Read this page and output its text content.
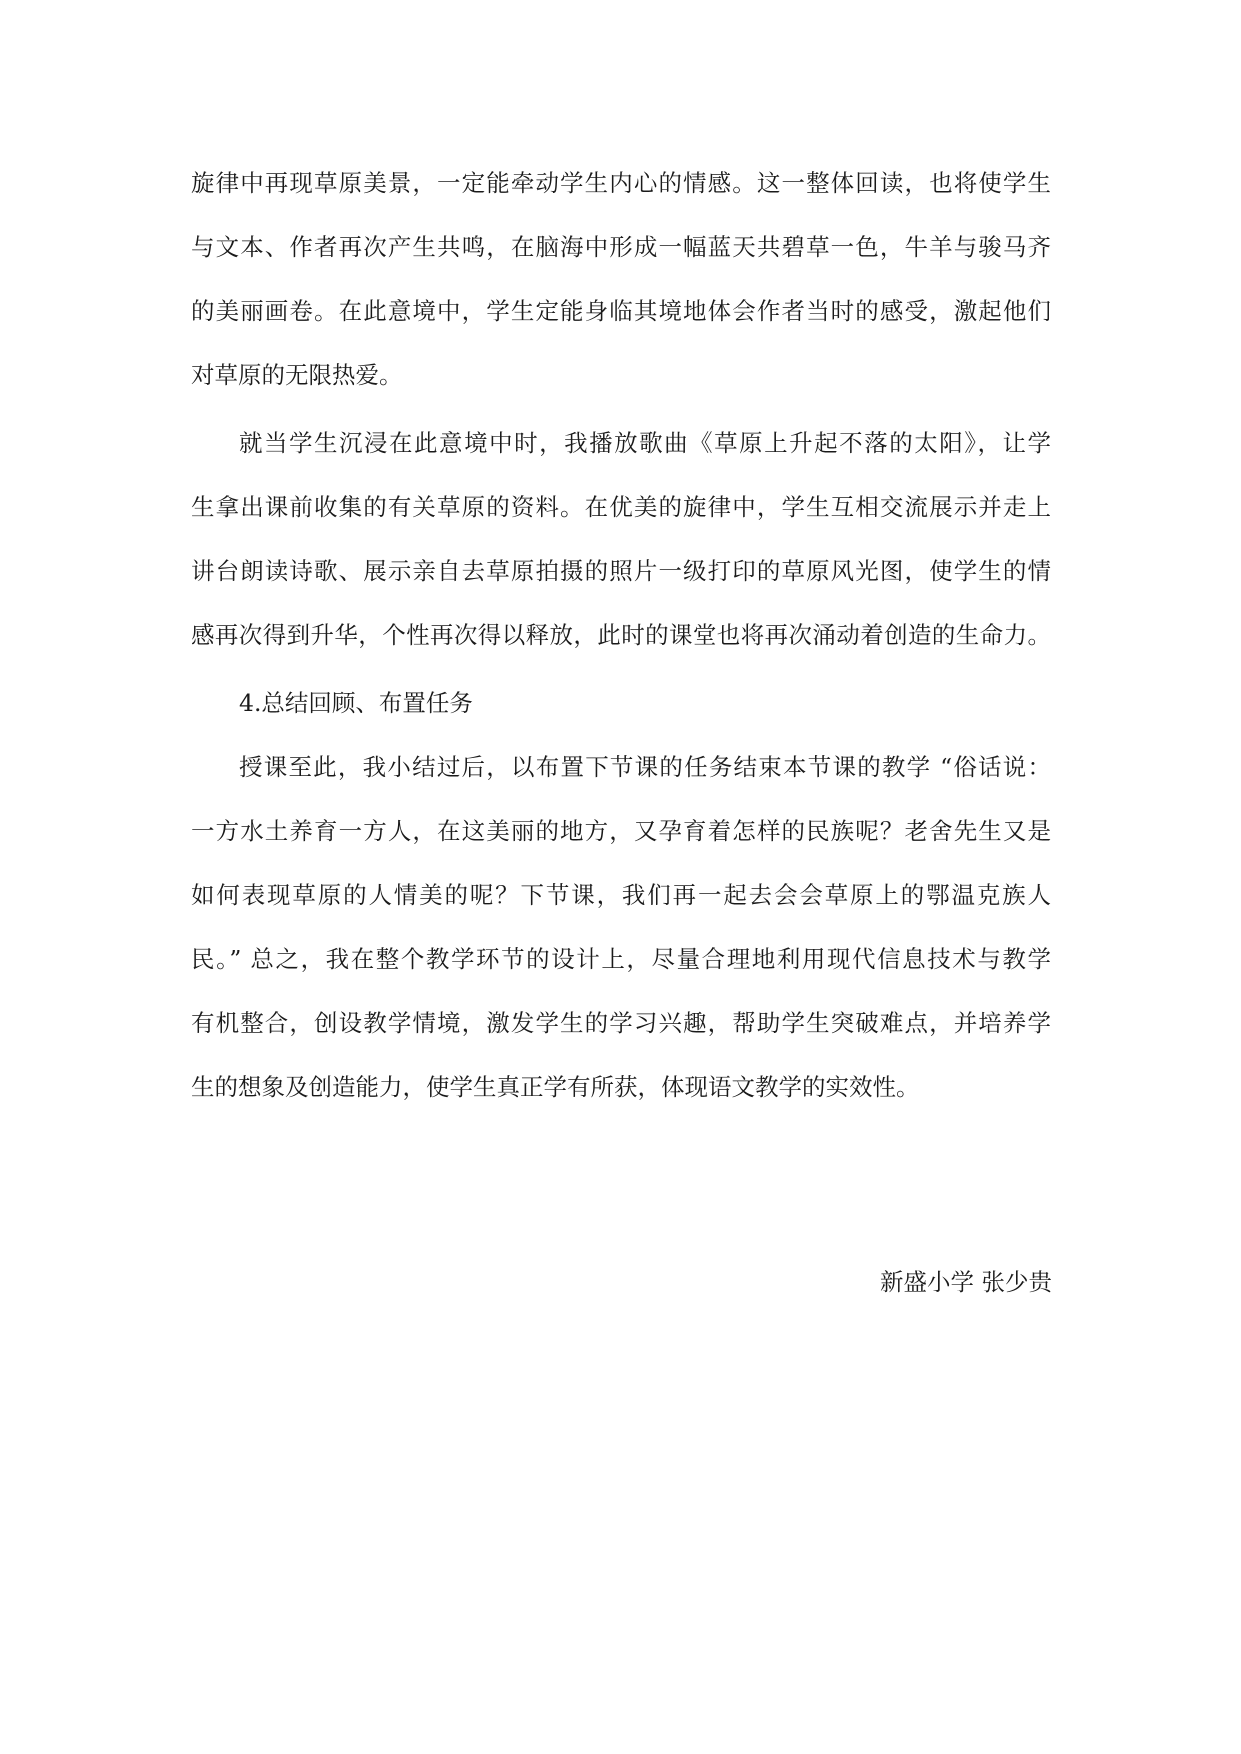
旋律中再现草原美景，一定能牵动学生内心的情感。这一整体回读，也将使学生
与文本、作者再次产生共鸣，在脑海中形成一幅蓝天共碧草一色，牛羊与骏马齐
的美丽画卷。在此意境中，学生定能身临其境地体会作者当时的感受，激起他们
对草原的无限热爱。
就当学生沉浸在此意境中时，我播放歌曲《草原上升起不落的太阳》，让学
生拿出课前收集的有关草原的资料。在优美的旋律中，学生互相交流展示并走上
讲台朗读诗歌、展示亲自去草原拍摄的照片一级打印的草原风光图，使学生的情
感再次得到升华，个性再次得以释放，此时的课堂也将再次涌动着创造的生命力。
4.总结回顾、布置任务
授课至此，我小结过后，以布置下节课的任务结束本节课的教学 “俗话说：
一方水土养育一方人，在这美丽的地方，又孕育着怎样的民族呢？老舍先生又是
如何表现草原的人情美的呢？下节课，我们再一起去会会草原上的鄂温克族人
民。” 总之，我在整个教学环节的设计上，尽量合理地利用现代信息技术与教学
有机整合，创设教学情境，激发学生的学习兴趣，帮助学生突破难点，并培养学
生的想象及创造能力，使学生真正学有所获，体现语文教学的实效性。
新盛小学 张少贵
